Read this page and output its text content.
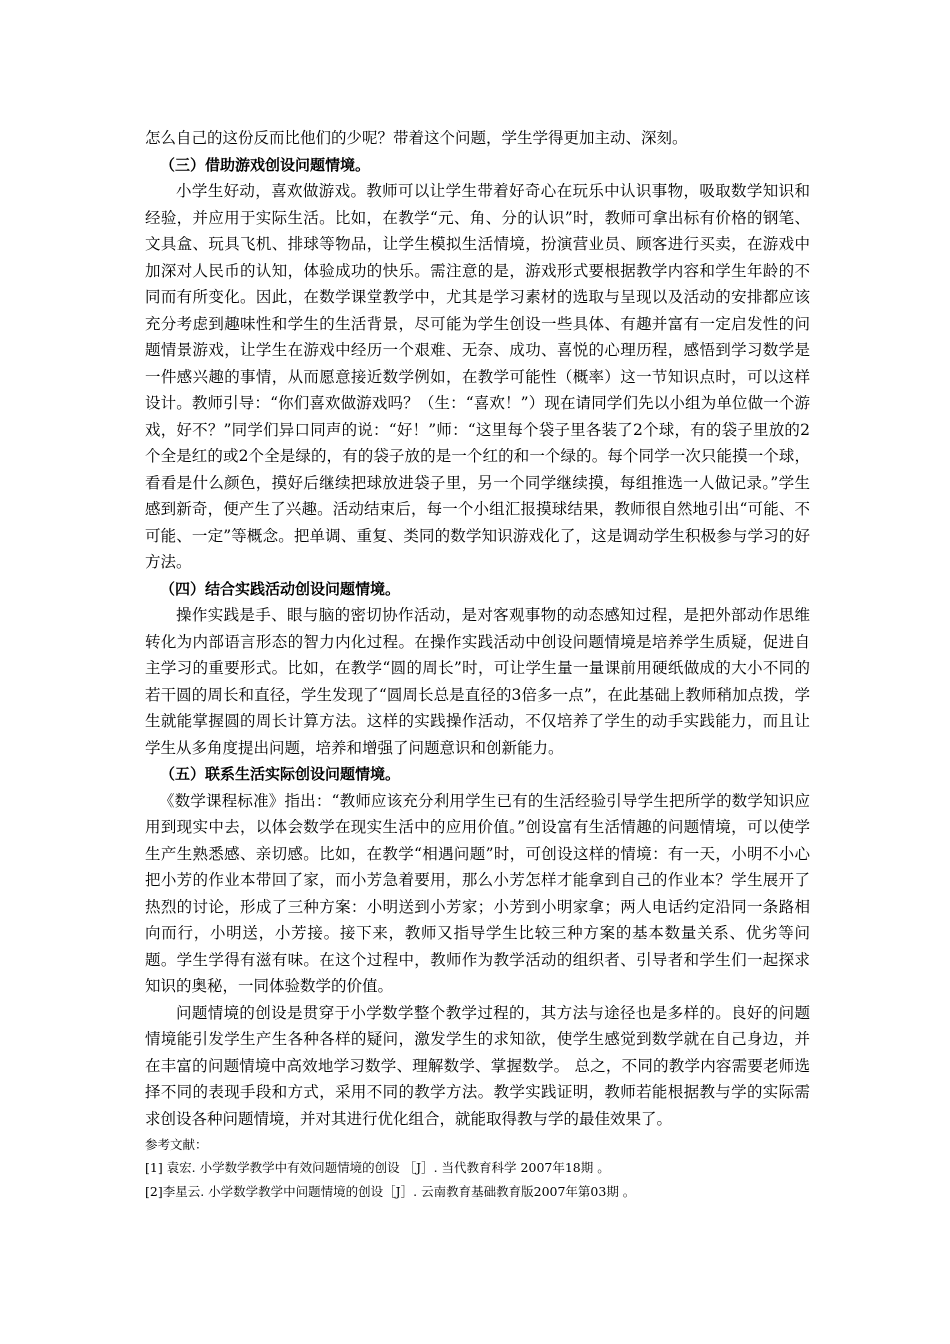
怎么自己的这份反而比他们的少呢？带着这个问题，学生学得更加主动、深刻。

（三）借助游戏创设问题情境。

小学生好动，喜欢做游戏。教师可以让学生带着好奇心在玩乐中认识事物，吸取数学知识和经验，并应用于实际生活。比如，在教学“元、角、分的认识”时，教师可拿出标有价格的钢笔、文具盒、玩具飞机、排球等物品，让学生模拟生活情境，扮演营业员、顾客进行买卖，在游戏中加深对人民币的认知，体验成功的快乐。需注意的是，游戏形式要根据教学内容和学生年龄的不同而有所变化。因此，在数学课堂教学中，尤其是学习素材的选取与呈现以及活动的安排都应该充分考虑到趣味性和学生的生活背景，尽可能为学生创设一些具体、有趣并富有一定启发性的问题情景游戏，让学生在游戏中经历一个艰难、无奈、成功、喜悦的心理历程，感悟到学习数学是一件感兴趣的事情，从而愿意接近数学例如，在教学可能性（概率）这一节知识点时，可以这样设计。教师引导：“你们喜欢做游戏吗？（生：“喜欢！”）现在请同学们先以小组为单位做一个游戏，好不？”同学们异口同声的说：“好！”师：“这里每个袋子里各装了2个球，有的袋子里放的2个全是红的或2个全是绿的，有的袋子放的是一个红的和一个绿的。每个同学一次只能摸一个球，看看是什么颜色，摸好后继续把球放进袋子里，另一个同学继续摸，每组推选一人做记录。”学生感到新奇，便产生了兴趣。活动结束后，每一个小组汇报摸球结果，教师很自然地引出“可能、不可能、一定”等概念。把单调、重复、类同的数学知识游戏化了，这是调动学生积极参与学习的好方法。

（四）结合实践活动创设问题情境。

操作实践是手、眼与脑的密切协作活动，是对客观事物的动态感知过程，是把外部动作思维转化为内部语言形态的智力内化过程。在操作实践活动中创设问题情境是培养学生质疑，促进自主学习的重要形式。比如，在教学“圆的周长”时，可让学生量一量课前用硬纸做成的大小不同的若干圆的周长和直径，学生发现了“圆周长总是直径的3倍多一点”，在此基础上教师稍加点拨，学生就能掌握圆的周长计算方法。这样的实践操作活动，不仅培养了学生的动手实践能力，而且让学生从多角度提出问题，培养和增强了问题意识和创新能力。

（五）联系生活实际创设问题情境。

《数学课程标准》指出：“教师应该充分利用学生已有的生活经验引导学生把所学的数学知识应用到现实中去，以体会数学在现实生活中的应用价值。”创设富有生活情趣的问题情境，可以使学生产生熟悉感、亲切感。比如，在教学“相遇问题”时，可创设这样的情境：有一天，小明不小心把小芳的作业本带回了家，而小芳急着要用，那么小芳怎样才能拿到自己的作业本？学生展开了热烈的讨论，形成了三种方案：小明送到小芳家；小芳到小明家拿；两人电话约定沿同一条路相向而行，小明送，小芳接。接下来，教师又指导学生比较三种方案的基本数量关系、优劣等问题。学生学得有滋有味。在这个过程中，教师作为教学活动的组织者、引导者和学生们一起探求知识的奥秘，一同体验数学的价值。

问题情境的创设是贯穿于小学数学整个教学过程的，其方法与途径也是多样的。良好的问题情境能引发学生产生各种各样的疑问，激发学生的求知欲，使学生感觉到数学就在自己身边，并在丰富的问题情境中高效地学习数学、理解数学、掌握数学。 总之，不同的教学内容需要老师选择不同的表现手段和方式，采用不同的教学方法。教学实践证明，教师若能根据教与学的实际需求创设各种问题情境，并对其进行优化组合，就能取得教与学的最佳效果了。

参考文献：

[1] 袁宏. 小学数学教学中有效问题情境的创设 ［J］. 当代教育科学 2007年18期 。

[2]李星云. 小学数学教学中问题情境的创设［J］. 云南教育基础教育版2007年第03期 。
